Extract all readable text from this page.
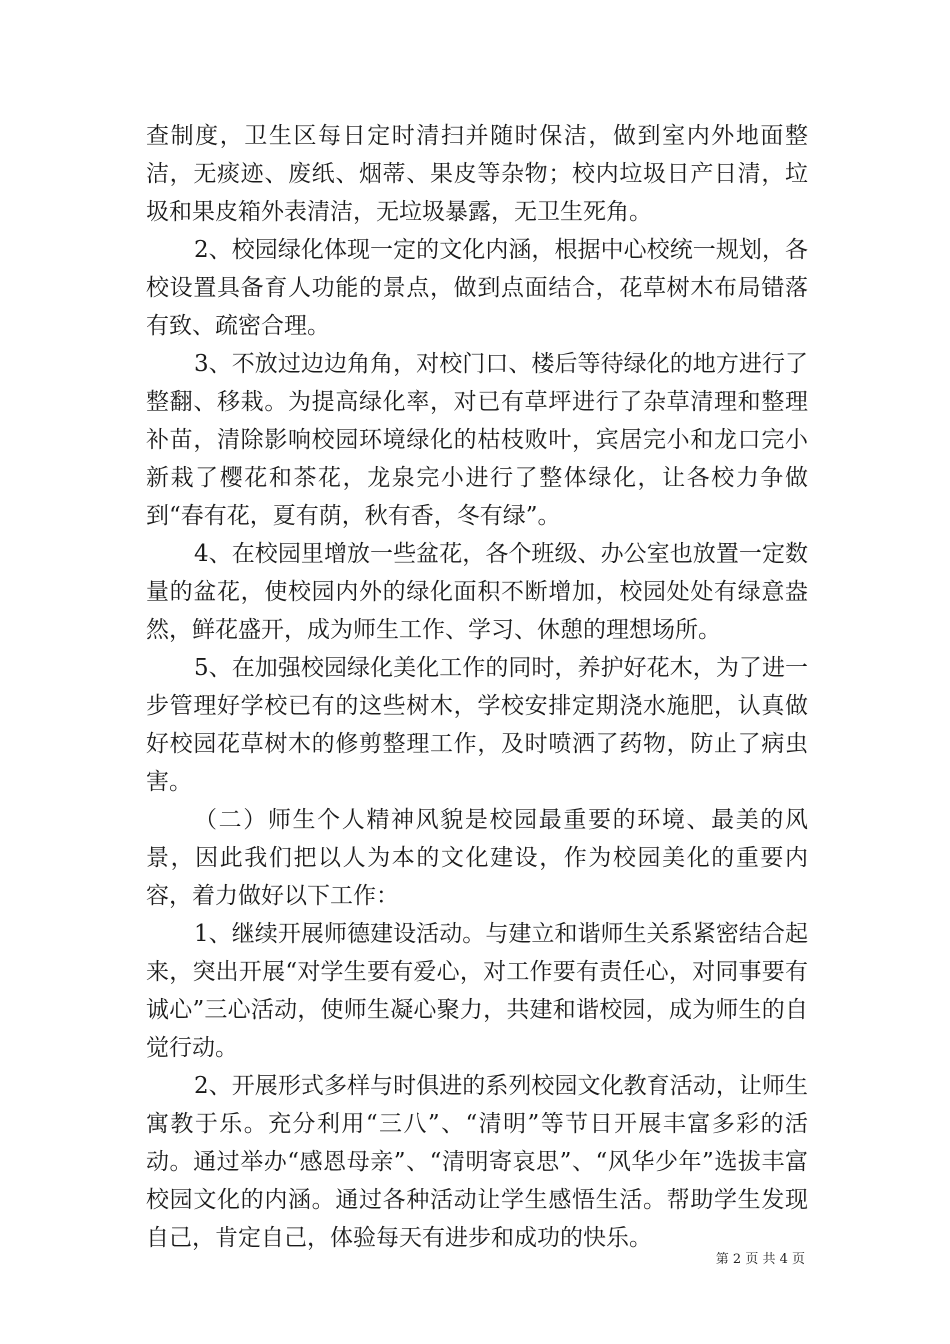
查制度，卫生区每日定时清扫并随时保洁，做到室内外地面整洁，无痰迹、废纸、烟蒂、果皮等杂物；校内垃圾日产日清，垃圾和果皮箱外表清洁，无垃圾暴露，无卫生死角。

2、校园绿化体现一定的文化内涵，根据中心校统一规划，各校设置具备育人功能的景点，做到点面结合，花草树木布局错落有致、疏密合理。

3、不放过边边角角，对校门口、楼后等待绿化的地方进行了整翻、移栽。为提高绿化率，对已有草坪进行了杂草清理和整理补苗，清除影响校园环境绿化的枯枝败叶，宾居完小和龙口完小新栽了樱花和茶花，龙泉完小进行了整体绿化，让各校力争做到“春有花，夏有荫，秋有香，冬有绿”。

4、在校园里增放一些盆花，各个班级、办公室也放置一定数量的盆花，使校园内外的绿化面积不断增加，校园处处有绿意盎然，鲜花盛开，成为师生工作、学习、休憩的理想场所。

5、在加强校园绿化美化工作的同时，养护好花木，为了进一步管理好学校已有的这些树木，学校安排定期浇水施肥，认真做好校园花草树木的修剪整理工作，及时喷洒了药物，防止了病虫害。

（二）师生个人精神风貌是校园最重要的环境、最美的风景，因此我们把以人为本的文化建设，作为校园美化的重要内容，着力做好以下工作：

1、继续开展师德建设活动。与建立和谐师生关系紧密结合起来，突出开展“对学生要有爱心，对工作要有责任心，对同事要有诚心”三心活动，使师生凝心聚力，共建和谐校园，成为师生的自觉行动。

2、开展形式多样与时俱进的系列校园文化教育活动，让师生寓教于乐。充分利用“三八”、“清明”等节日开展丰富多彩的活动。通过举办“感恩母亲”、“清明寄哀思”、“风华少年”选拔丰富校园文化的内涵。通过各种活动让学生感悟生活。帮助学生发现自己，肯定自己，体验每天有进步和成功的快乐。

第 2 页 共 4 页
